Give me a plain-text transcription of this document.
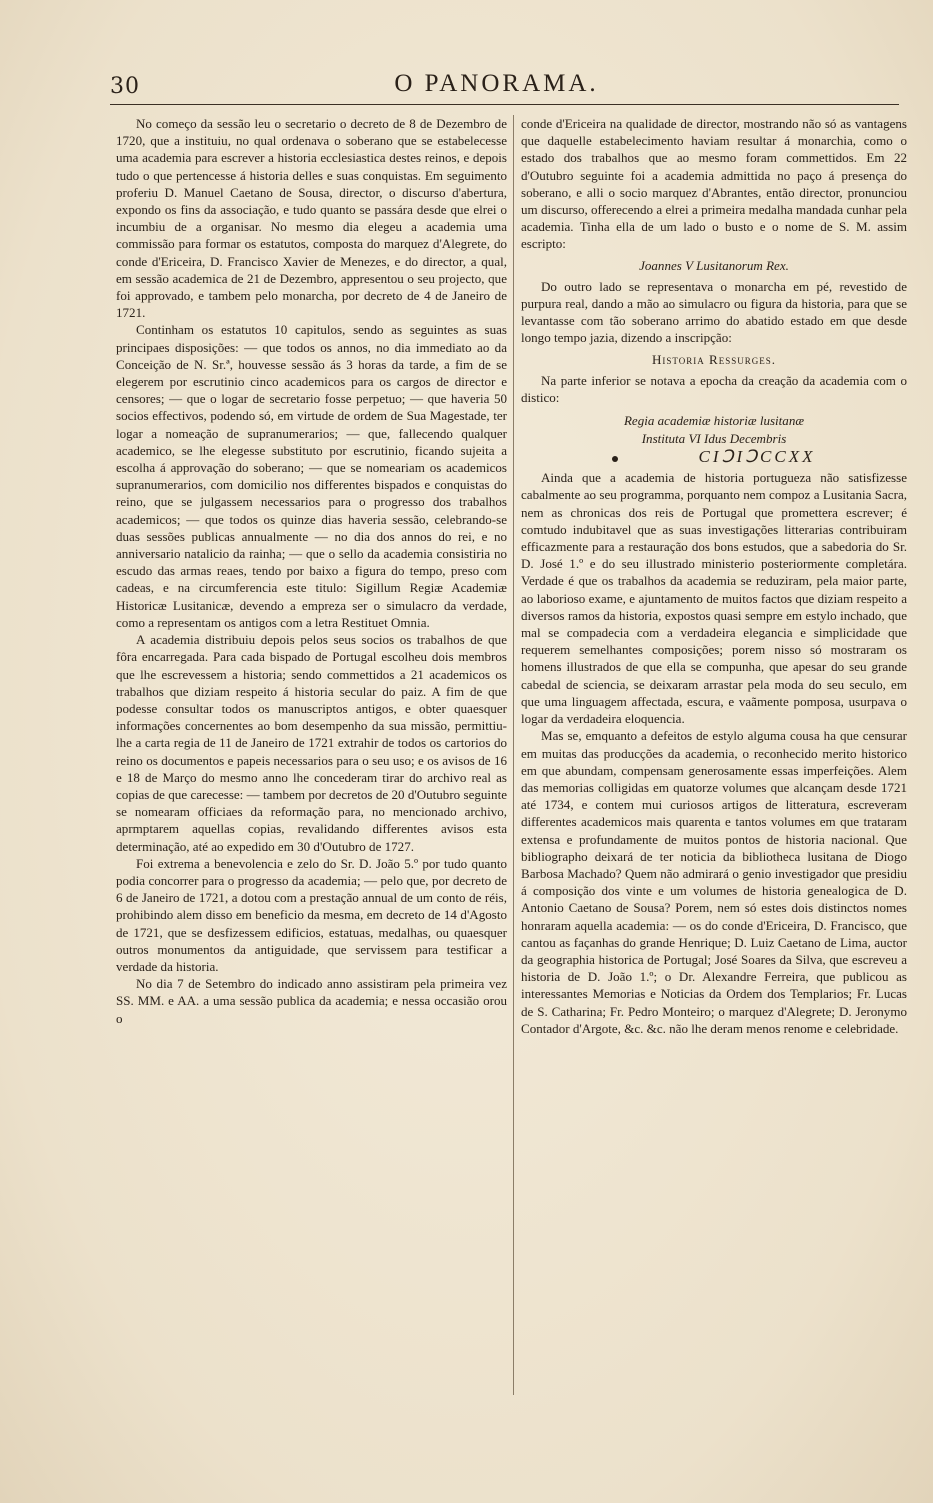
30	O PANORAMA.

No começo da sessão leu o secretario o decreto de 8 de Dezembro de 1720, que a instituiu, no qual ordenava o soberano que se estabelecesse uma academia para escrever a historia ecclesiastica destes reinos, e depois tudo o que pertencesse á historia delles e suas conquistas. Em seguimento proferiu D. Manuel Caetano de Sousa, director, o discurso d'abertura, expondo os fins da associação, e tudo quanto se passára desde que elrei o incumbiu de a organisar. No mesmo dia elegeu a academia uma commissão para formar os estatutos, composta do marquez d'Alegrete, do conde d'Ericeira, D. Francisco Xavier de Menezes, e do director, a qual, em sessão academica de 21 de Dezembro, appresentou o seu projecto, que foi approvado, e tambem pelo monarcha, por decreto de 4 de Janeiro de 1721.

Continham os estatutos 10 capitulos, sendo as seguintes as suas principaes disposições: — que todos os annos, no dia immediato ao da Conceição de N. Sr.ª, houvesse sessão ás 3 horas da tarde, a fim de se elegerem por escrutinio cinco academicos para os cargos de director e censores; — que o logar de secretario fosse perpetuo; — que haveria 50 socios effectivos, podendo só, em virtude de ordem de Sua Magestade, ter logar a nomeação de supranumerarios; — que, fallecendo qualquer academico, se lhe elegesse substituto por escrutinio, ficando sujeita a escolha á approvação do soberano; — que se nomeariam os academicos supranumerarios, com domicilio nos differentes bispados e conquistas do reino, que se julgassem necessarios para o progresso dos trabalhos academicos; — que todos os quinze dias haveria sessão, celebrando-se duas sessões publicas annualmente — no dia dos annos do rei, e no anniversario natalicio da rainha; — que o sello da academia consistiria no escudo das armas reaes, tendo por baixo a figura do tempo, preso com cadeas, e na circumferencia este titulo: Sigillum Regiæ Academiæ Historicæ Lusitanicæ, devendo a empreza ser o simulacro da verdade, como a representam os antigos com a letra Restituet Omnia.

A academia distribuiu depois pelos seus socios os trabalhos de que fôra encarregada. Para cada bispado de Portugal escolheu dois membros que lhe escrevessem a historia; sendo commettidos a 21 academicos os trabalhos que diziam respeito á historia secular do paiz. A fim de que podesse consultar todos os manuscriptos antigos, e obter quaesquer informações concernentes ao bom desempenho da sua missão, permittiu-lhe a carta regia de 11 de Janeiro de 1721 extrahir de todos os cartorios do reino os documentos e papeis necessarios para o seu uso; e os avisos de 16 e 18 de Março do mesmo anno lhe concederam tirar do archivo real as copias de que carecesse: — tambem por decretos de 20 d'Outubro seguinte se nomearam officiaes da reformação para, no mencionado archivo, aprmptarem aquellas copias, revalidando differentes avisos esta determinação, até ao expedido em 30 d'Outubro de 1727.

Foi extrema a benevolencia e zelo do Sr. D. João 5.º por tudo quanto podia concorrer para o progresso da academia; — pelo que, por decreto de 6 de Janeiro de 1721, a dotou com a prestação annual de um conto de réis, prohibindo alem disso em beneficio da mesma, em decreto de 14 d'Agosto de 1721, que se desfizessem edificios, estatuas, medalhas, ou quaesquer outros monumentos da antiguidade, que servissem para testificar a verdade da historia.

No dia 7 de Setembro do indicado anno assistiram pela primeira vez SS. MM. e AA. a uma sessão publica da academia; e nessa occasião orou o

conde d'Ericeira na qualidade de director, mostrando não só as vantagens que daquelle estabelecimento haviam resultar á monarchia, como o estado dos trabalhos que ao mesmo foram commettidos. Em 22 d'Outubro seguinte foi a academia admittida no paço á presença do soberano, e alli o socio marquez d'Abrantes, então director, pronunciou um discurso, offerecendo a elrei a primeira medalha mandada cunhar pela academia. Tinha ella de um lado o busto e o nome de S. M. assim escripto:

Joannes V Lusitanorum Rex.

Do outro lado se representava o monarcha em pé, revestido de purpura real, dando a mão ao simulacro ou figura da historia, para que se levantasse com tão soberano arrimo do abatido estado em que desde longo tempo jazia, dizendo a inscripção:

Historia Ressurges.

Na parte inferior se notava a epocha da creação da academia com o distico:

Regia academiæ historiæ lusitanæ
Instituta VI Idus Decembris
CIↃIↃCCXX

Ainda que a academia de historia portugueza não satisfizesse cabalmente ao seu programma, porquanto nem compoz a Lusitania Sacra, nem as chronicas dos reis de Portugal que promettera escrever; é comtudo indubitavel que as suas investigações litterarias contribuiram efficazmente para a restauração dos bons estudos, que a sabedoria do Sr. D. José 1.º e do seu illustrado ministerio posteriormente completára. Verdade é que os trabalhos da academia se reduziram, pela maior parte, ao laborioso exame, e ajuntamento de muitos factos que diziam respeito a diversos ramos da historia, expostos quasi sempre em estylo inchado, que mal se compadecia com a verdadeira elegancia e simplicidade que requerem semelhantes composições; porem nisso só mostraram os homens illustrados de que ella se compunha, que apesar do seu grande cabedal de sciencia, se deixaram arrastar pela moda do seu seculo, em que uma linguagem affectada, escura, e vaãmente pomposa, usurpava o logar da verdadeira eloquencia.

Mas se, emquanto a defeitos de estylo alguma cousa ha que censurar em muitas das producções da academia, o reconhecido merito historico em que abundam, compensam generosamente essas imperfeições. Alem das memorias colligidas em quatorze volumes que alcançam desde 1721 até 1734, e contem mui curiosos artigos de litteratura, escreveram differentes academicos mais quarenta e tantos volumes em que trataram extensa e profundamente de muitos pontos de historia nacional. Que bibliographo deixará de ter noticia da bibliotheca lusitana de Diogo Barbosa Machado? Quem não admirará o genio investigador que presidiu á composição dos vinte e um volumes de historia genealogica de D. Antonio Caetano de Sousa? Porem, nem só estes dois distinctos nomes honraram aquella academia: — os do conde d'Ericeira, D. Francisco, que cantou as façanhas do grande Henrique; D. Luiz Caetano de Lima, auctor da geographia historica de Portugal; José Soares da Silva, que escreveu a historia de D. João 1.º; o Dr. Alexandre Ferreira, que publicou as interessantes Memorias e Noticias da Ordem dos Templarios; Fr. Lucas de S. Catharina; Fr. Pedro Monteiro; o marquez d'Alegrete; D. Jeronymo Contador d'Argote, &c. &c. não lhe deram menos renome e celebridade.
